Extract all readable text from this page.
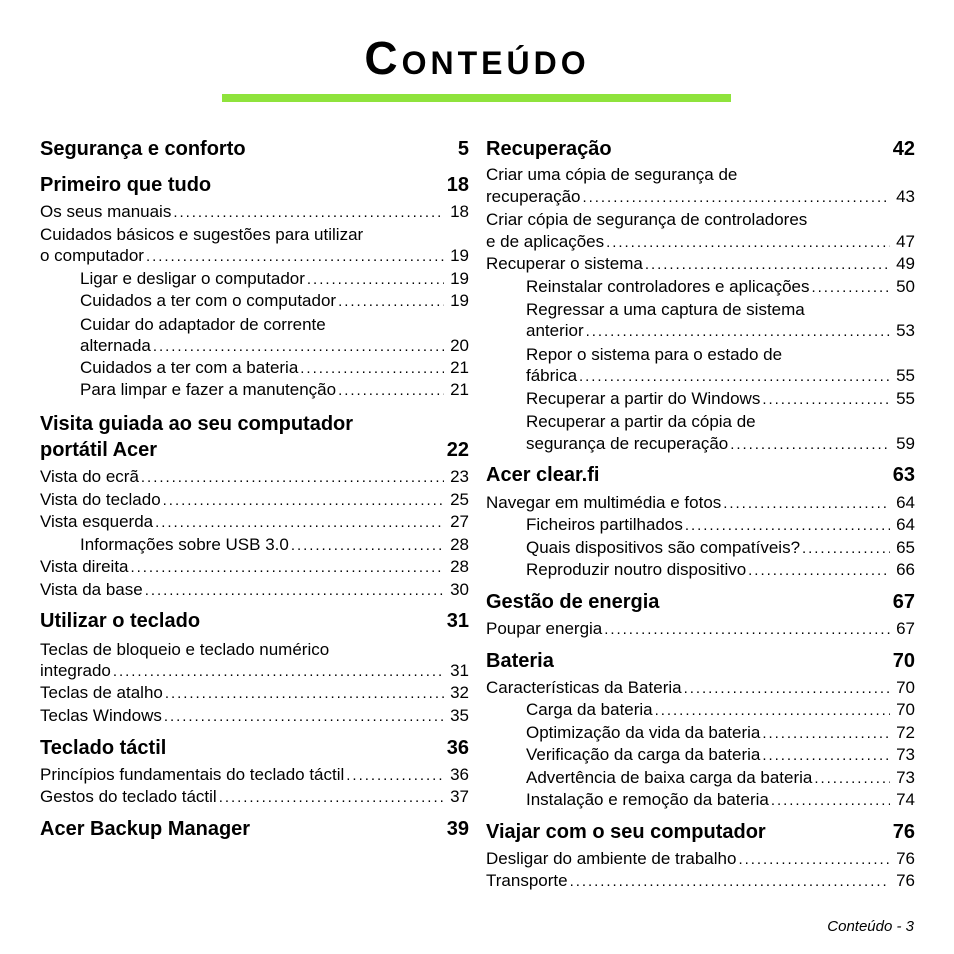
Conteúdo
Segurança e conforto	5
Primeiro que tudo	18
Os seus manuais . . .	18
Cuidados básicos e sugestões para utilizar
o computador . . .	19
Ligar e desligar o computador . . .	19
Cuidados a ter com o computador . . .	19
Cuidar do adaptador de corrente
alternada . . .	20
Cuidados a ter com a bateria . . .	21
Para limpar e fazer a manutenção . . .	21
Visita guiada ao seu computador
portátil Acer	22
Vista do ecrã . . .	23
Vista do teclado . . .	25
Vista esquerda . . .	27
Informações sobre USB 3.0 . . .	28
Vista direita . . .	28
Vista da base . . .	30
Utilizar o teclado	31
Teclas de bloqueio e teclado numérico
integrado . . .	31
Teclas de atalho . . .	32
Teclas Windows . . .	35
Teclado táctil	36
Princípios fundamentais do teclado táctil . . .	36
Gestos do teclado táctil . . .	37
Acer Backup Manager	39
Recuperação	42
Criar uma cópia de segurança de
recuperação . . .	43
Criar cópia de segurança de controladores
e de aplicações . . .	47
Recuperar o sistema . . .	49
Reinstalar controladores e aplicações . . .	50
Regressar a uma captura de sistema
anterior . . .	53
Repor o sistema para o estado de
fábrica . . .	55
Recuperar a partir do Windows . . .	55
Recuperar a partir da cópia de
segurança de recuperação . . .	59
Acer clear.fi	63
Navegar em multimédia e fotos . . .	64
Ficheiros partilhados . . .	64
Quais dispositivos são compatíveis? . . .	65
Reproduzir noutro dispositivo . . .	66
Gestão de energia	67
Poupar energia . . .	67
Bateria	70
Características da Bateria . . .	70
Carga da bateria . . .	70
Optimização da vida da bateria . . .	72
Verificação da carga da bateria . . .	73
Advertência de baixa carga da bateria . . .	73
Instalação e remoção da bateria . . .	74
Viajar com o seu computador	76
Desligar do ambiente de trabalho . . .	76
Transporte . . .	76
Conteúdo - 3
